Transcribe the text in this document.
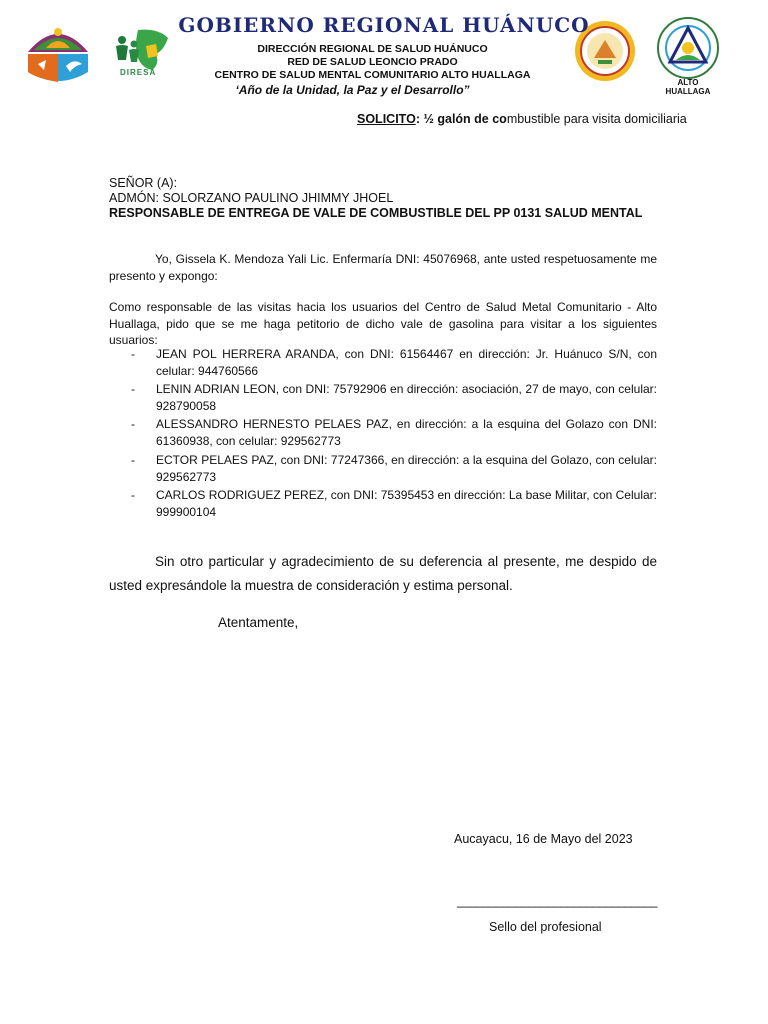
DIRESA
ALTO HUALLAGA
GOBIERNO REGIONAL HUÁNUCO
DIRECCIÓN REGIONAL DE SALUD HUÁNUCO
RED DE SALUD LEONCIO PRADO
CENTRO DE SALUD MENTAL COMUNITARIO ALTO HUALLAGA
‘Año de la Unidad, la Paz y el Desarrollo”
SOLICITO: ½ galón de combustible para visita domiciliaria
SEÑOR (A):
ADMÓN: SOLORZANO PAULINO JHIMMY JHOEL
RESPONSABLE DE ENTREGA DE VALE DE COMBUSTIBLE DEL PP 0131 SALUD MENTAL
Yo, Gissela K. Mendoza Yali Lic. Enfermaría DNI: 45076968, ante usted respetuosamente me presento y expongo:
Como responsable de las visitas hacia los usuarios del Centro de Salud Metal Comunitario - Alto Huallaga, pido que se me haga petitorio de dicho vale de gasolina para visitar a los siguientes usuarios:
- JEAN POL HERRERA ARANDA, con DNI: 61564467 en dirección: Jr. Huánuco S/N, con celular: 944760566
- LENIN ADRIAN LEON, con DNI: 75792906 en dirección: asociación, 27 de mayo, con celular: 928790058
- ALESSANDRO HERNESTO PELAES PAZ, en dirección: a la esquina del Golazo con DNI: 61360938, con celular: 929562773
- ECTOR PELAES PAZ, con DNI: 77247366, en dirección: a la esquina del Golazo, con celular: 929562773
- CARLOS RODRIGUEZ PEREZ, con DNI: 75395453 en dirección: La base Militar, con Celular: 999900104
Sin otro particular y agradecimiento de su deferencia al presente, me despido de usted expresándole la muestra de consideración y estima personal.
Atentamente,
Aucayacu, 16 de Mayo del 2023
_______________________________
Sello del profesional
